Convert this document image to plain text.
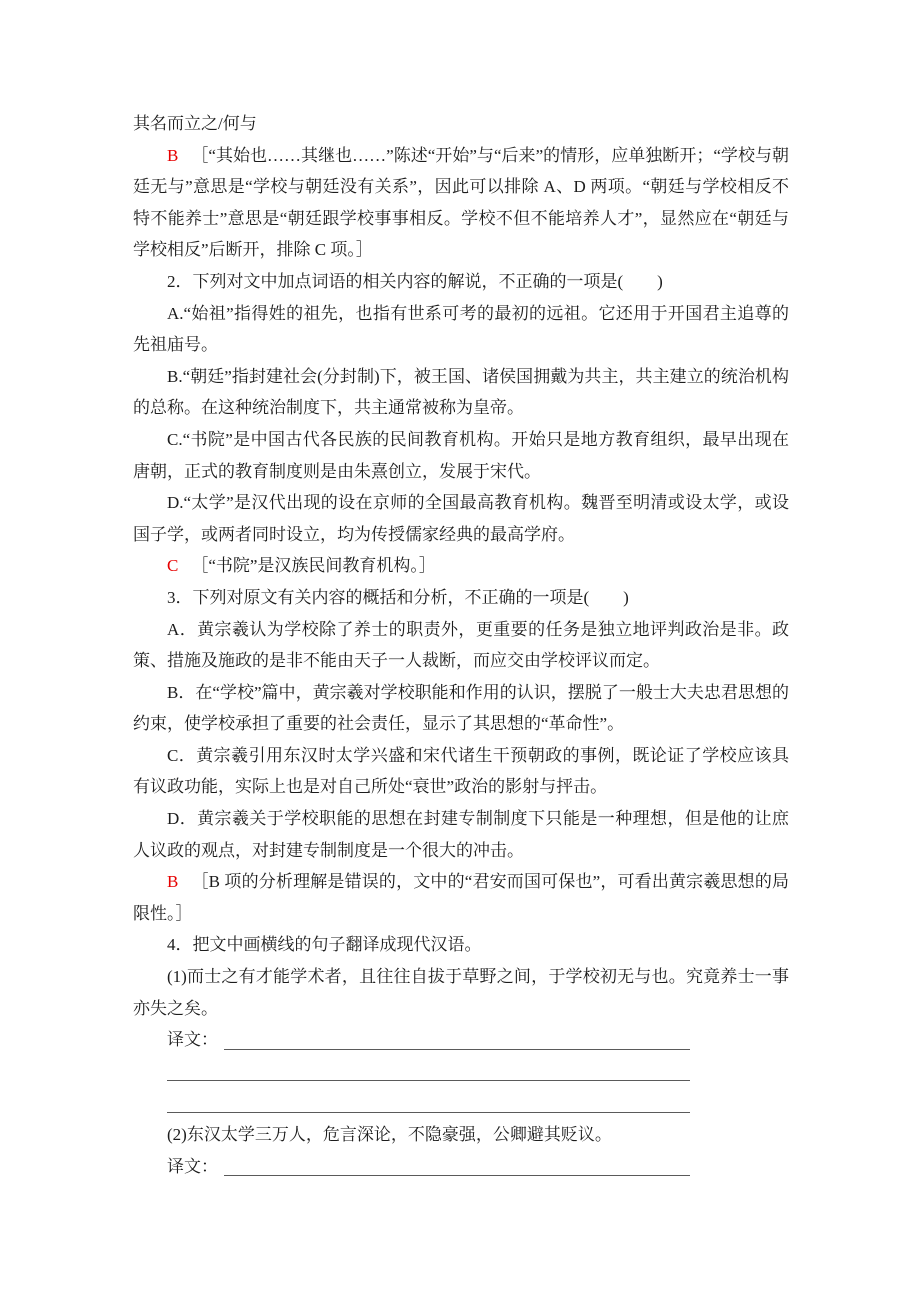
其名而立之/何与

B ［“其始也……其继也……”陈述“开始”与“后来”的情形，应单独断开；“学校与朝廷无与”意思是“学校与朝廷没有关系”，因此可以排除 A、D 两项。“朝廷与学校相反不特不能养士”意思是“朝廷跟学校事事相反。学校不但不能培养人才”，显然应在“朝廷与学校相反”后断开，排除 C 项。］

2．下列对文中加点词语的相关内容的解说，不正确的一项是(　　)

A.“始祖”指得姓的祖先，也指有世系可考的最初的远祖。它还用于开国君主追尊的先祖庙号。

B.“朝廷”指封建社会(分封制)下，被王国、诸侯国拥戴为共主，共主建立的统治机构的总称。在这种统治制度下，共主通常被称为皇帝。

C.“书院”是中国古代各民族的民间教育机构。开始只是地方教育组织，最早出现在唐朝，正式的教育制度则是由朱熹创立，发展于宋代。

D.“太学”是汉代出现的设在京师的全国最高教育机构。魏晋至明清或设太学，或设国子学，或两者同时设立，均为传授儒家经典的最高学府。

C ［“书院”是汉族民间教育机构。］

3．下列对原文有关内容的概括和分析，不正确的一项是(　　)

A．黄宗羲认为学校除了养士的职责外，更重要的任务是独立地评判政治是非。政策、措施及施政的是非不能由天子一人裁断，而应交由学校评议而定。

B．在“学校”篇中，黄宗羲对学校职能和作用的认识，摆脱了一般士大夫忠君思想的约束，使学校承担了重要的社会责任，显示了其思想的“革命性”。

C．黄宗羲引用东汉时太学兴盛和宋代诸生干预朝政的事例，既论证了学校应该具有议政功能，实际上也是对自己所处“衰世”政治的影射与抨击。

D．黄宗羲关于学校职能的思想在封建专制制度下只能是一种理想，但是他的让庶人议政的观点，对封建专制制度是一个很大的冲击。

B ［B 项的分析理解是错误的，文中的“君安而国可保也”，可看出黄宗羲思想的局限性。］

4．把文中画横线的句子翻译成现代汉语。

(1)而士之有才能学术者，且往往自拔于草野之间，于学校初无与也。究竟养士一事亦失之矣。

译文：

(2)东汉太学三万人，危言深论，不隐豪强，公卿避其贬议。

译文：
